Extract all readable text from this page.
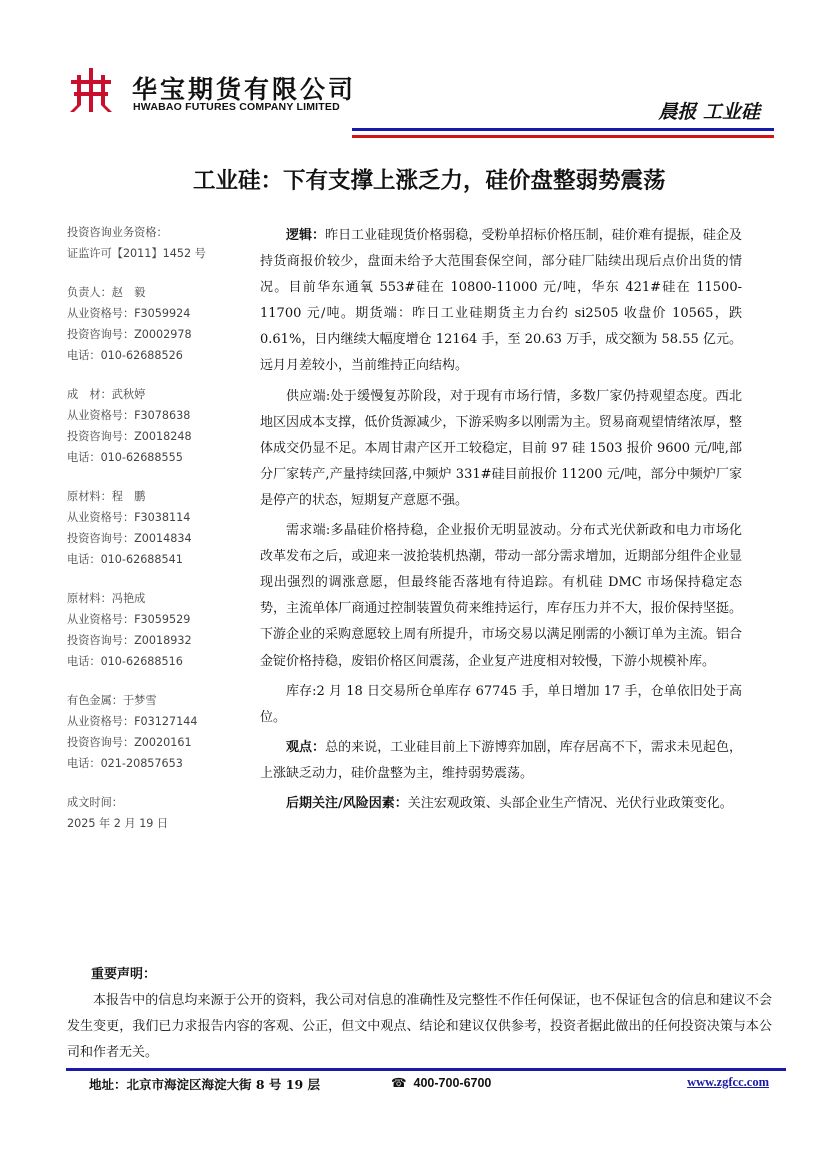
华宝期货有限公司
HWABAO FUTURES COMPANY LIMITED	晨报 工业硅
工业硅：下有支撑上涨乏力，硅价盘整弱势震荡
投资咨询业务资格：
证监许可【2011】1452 号
负责人：赵　毅
从业资格号：F3059924
投资咨询号：Z0002978
电话：010-62688526
成　材：武秋婷
从业资格号：F3078638
投资咨询号：Z0018248
电话：010-62688555
原材料：程　鹏
从业资格号：F3038114
投资咨询号：Z0014834
电话：010-62688541
原材料：冯艳成
从业资格号：F3059529
投资咨询号：Z0018932
电话：010-62688516
有色金属：于梦雪
从业资格号：F03127144
投资咨询号：Z0020161
电话：021-20857653
成文时间：
2025 年 2 月 19 日

逻辑：昨日工业硅现货价格弱稳，受粉单招标价格压制，硅价难有提振，硅企及持货商报价较少，盘面未给予大范围套保空间，部分硅厂陆续出现后点价出货的情况。目前华东通氧 553#硅在 10800-11000 元/吨，华东 421#硅在 11500-11700 元/吨。期货端：昨日工业硅期货主力台约 si2505 收盘价 10565，跌 0.61%，日内继续大幅度增仓 12164 手，至 20.63 万手，成交额为 58.55 亿元。远月月差较小，当前维持正向结构。

供应端:处于缓慢复苏阶段，对于现有市场行情，多数厂家仍持观望态度。西北地区因成本支撑，低价货源减少，下游采购多以刚需为主。贸易商观望情绪浓厚，整体成交仍显不足。本周甘肃产区开工较稳定，目前 97 硅 1503 报价 9600 元/吨,部分厂家转产,产量持续回落,中频炉 331#硅目前报价 11200 元/吨，部分中频炉厂家是停产的状态，短期复产意愿不强。

需求端:多晶硅价格持稳，企业报价无明显波动。分布式光伏新政和电力市场化改革发布之后，或迎来一波抢装机热潮，带动一部分需求增加，近期部分组件企业显现出强烈的调涨意愿，但最终能否落地有待追踪。有机硅 DMC 市场保持稳定态势，主流单体厂商通过控制装置负荷来维持运行，库存压力并不大，报价保持坚挺。下游企业的采购意愿较上周有所提升，市场交易以满足刚需的小额订单为主流。铝合金锭价格持稳，废铝价格区间震荡，企业复产进度相对较慢，下游小规模补库。

库存:2 月 18 日交易所仓单库存 67745 手，单日增加 17 手，仓单依旧处于高位。

观点：总的来说，工业硅目前上下游博弈加剧，库存居高不下，需求未见起色，上涨缺乏动力，硅价盘整为主，维持弱势震荡。

后期关注/风险因素：关注宏观政策、头部企业生产情况、光伏行业政策变化。

重要声明：

本报告中的信息均来源于公开的资料，我公司对信息的准确性及完整性不作任何保证，也不保证包含的信息和建议不会发生变更，我们已力求报告内容的客观、公正，但文中观点、结论和建议仅供参考，投资者据此做出的任何投资决策与本公司和作者无关。

地址：北京市海淀区海淀大街 8 号 19 层	☎ 400-700-6700	www.zgfcc.com
